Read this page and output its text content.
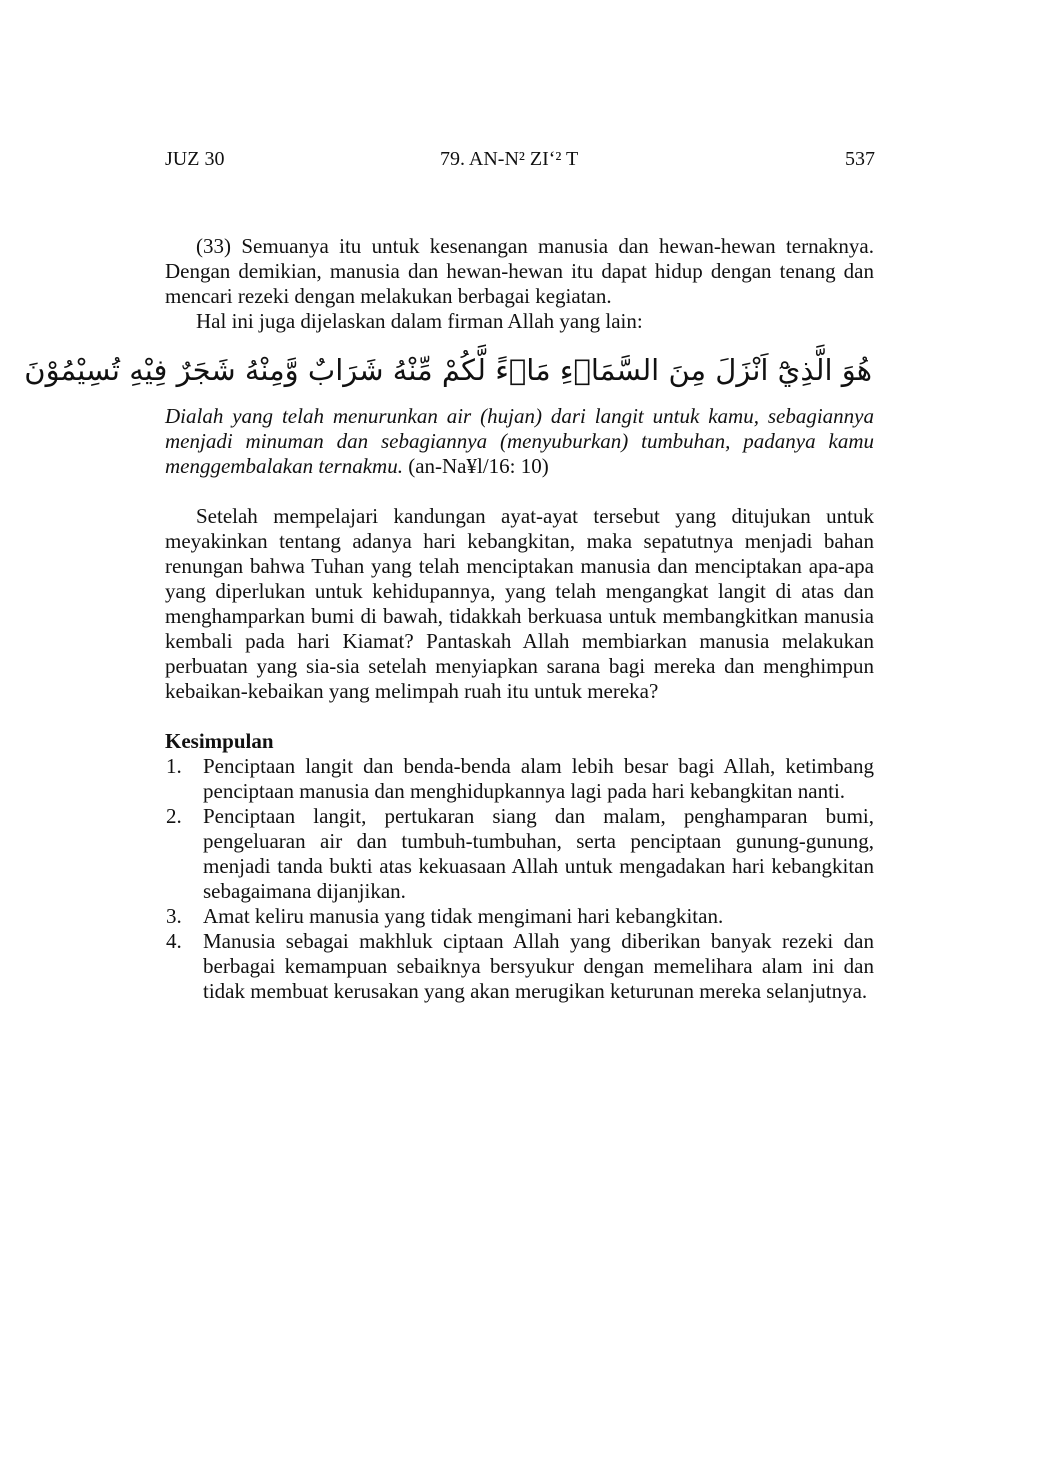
JUZ 30	79. AN-N² ZI‘² T	537

(33) Semuanya itu untuk kesenangan manusia dan hewan-hewan ternaknya. Dengan demikian, manusia dan hewan-hewan itu dapat hidup dengan tenang dan mencari rezeki dengan melakukan berbagai kegiatan.

Hal ini juga dijelaskan dalam firman Allah yang lain:

هُوَ الَّذِيْٓ اَنْزَلَ مِنَ السَّمَاۤءِ مَاۤءً لَّكُمْ مِّنْهُ شَرَابٌ وَّمِنْهُ شَجَرٌ فِيْهِ تُسِيْمُوْنَ

Dialah yang telah menurunkan air (hujan) dari langit untuk kamu, sebagiannya menjadi minuman dan sebagiannya (menyuburkan) tumbuhan, padanya kamu menggembalakan ternakmu. (an-Na¥l/16: 10)

Setelah mempelajari kandungan ayat-ayat tersebut yang ditujukan untuk meyakinkan tentang adanya hari kebangkitan, maka sepatutnya menjadi bahan renungan bahwa Tuhan yang telah menciptakan manusia dan menciptakan apa-apa yang diperlukan untuk kehidupannya, yang telah mengangkat langit di atas dan menghamparkan bumi di bawah, tidakkah berkuasa untuk membangkitkan manusia kembali pada hari Kiamat? Pantaskah Allah membiarkan manusia melakukan perbuatan yang sia-sia setelah menyiapkan sarana bagi mereka dan menghimpun kebaikan-kebaikan yang melimpah ruah itu untuk mereka?

Kesimpulan
1. Penciptaan langit dan benda-benda alam lebih besar bagi Allah, ketimbang penciptaan manusia dan menghidupkannya lagi pada hari kebangkitan nanti.
2. Penciptaan langit, pertukaran siang dan malam, penghamparan bumi, pengeluaran air dan tumbuh-tumbuhan, serta penciptaan gunung-gunung, menjadi tanda bukti atas kekuasaan Allah untuk mengadakan hari kebangkitan sebagaimana dijanjikan.
3. Amat keliru manusia yang tidak mengimani hari kebangkitan.
4. Manusia sebagai makhluk ciptaan Allah yang diberikan banyak rezeki dan berbagai kemampuan sebaiknya bersyukur dengan memelihara alam ini dan tidak membuat kerusakan yang akan merugikan keturunan mereka selanjutnya.
